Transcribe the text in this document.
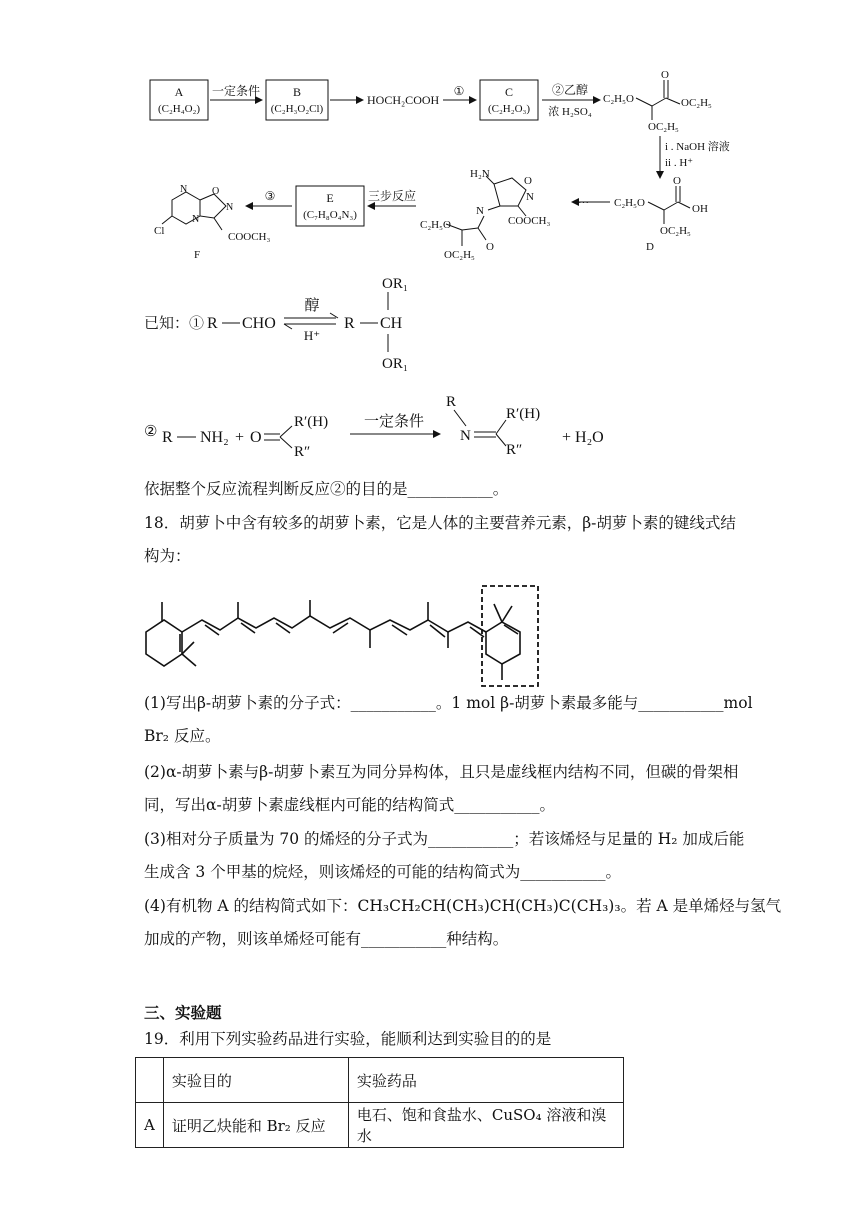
A
(C₂H₄O₂)
一定条件	B
(C₂H₃O₂Cl)
HOCH₂COOH
①	C
(C₂H₂O₃)
②乙醇
浓 H₂SO₄
C₂H₅O
O
OC₂H₅
OC₂H₅
i . NaOH 溶液
ii . H⁺
C₂H₅O
O
OH
OC₂H₅
D
···
H₂N
O
N
N
COOCH₃
C₂H₅O
O
OC₂H₅
三步反应
E
(C₇H₈O₄N₃)
③
N O
N
N
Cl	COOCH₃
F
已知：① R CHO
醇
H⁺
R CH
OR₁
OR₁
② R NH₂ + O
R′(H)
R″
一定条件
R
N
R′(H)
R″
+ H₂O
依据整个反应流程判断反应②的目的是___________。
18．胡萝卜中含有较多的胡萝卜素，它是人体的主要营养元素，β-胡萝卜素的键线式结
构为：
(1)写出β-胡萝卜素的分子式：___________。1 mol β-胡萝卜素最多能与___________mol
Br₂ 反应。
(2)α-胡萝卜素与β-胡萝卜素互为同分异构体，且只是虚线框内结构不同，但碳的骨架相
同，写出α-胡萝卜素虚线框内可能的结构简式___________。
(3)相对分子质量为 70 的烯烃的分子式为___________；若该烯烃与足量的 H₂ 加成后能
生成含 3 个甲基的烷烃，则该烯烃的可能的结构简式为___________。
(4)有机物 A 的结构简式如下：CH₃CH₂CH(CH₃)CH(CH₃)C(CH₃)₃。若 A 是单烯烃与氢气
加成的产物，则该单烯烃可能有___________种结构。
三、实验题
19．利用下列实验药品进行实验，能顺利达到实验目的的是
	实验目的	实验药品
A	证明乙炔能和 Br₂ 反应	电石、饱和食盐水、CuSO₄ 溶液和溴水
